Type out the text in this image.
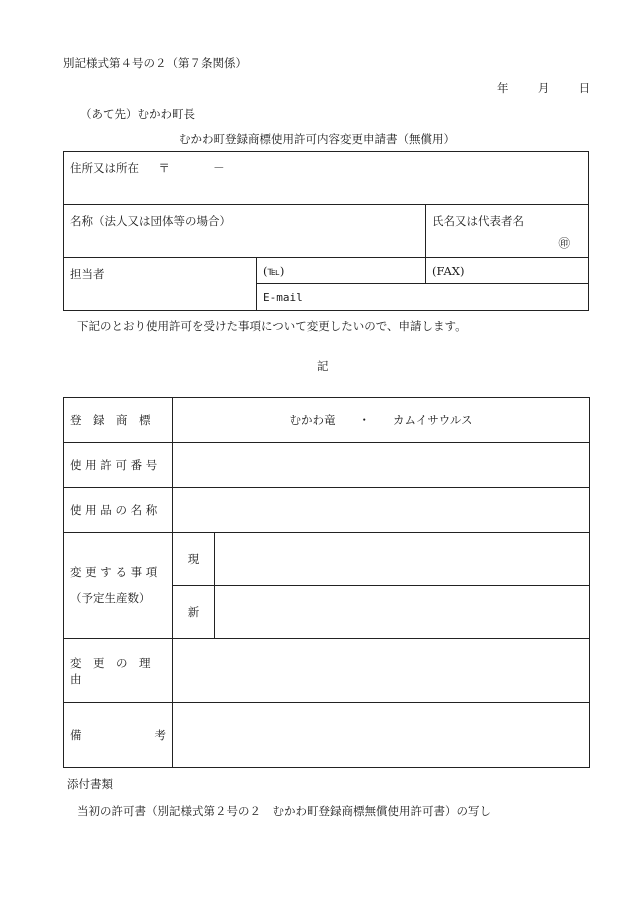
別記様式第４号の２（第７条関係）
年	月	日
（あて先）むかわ町長
むかわ町登録商標使用許可内容変更申請書（無償用）
住所又は所在 〒 －		

名称（法人又は団体等の場合）		氏名又は代表者名
㊞

担当者	(℡)	(FAX)

	E-mail	
下記のとおり使用許可を受けた事項について変更したいので、申請します。
記
登　録　商　標	むかわ竜　　・　　カムイサウルス	

使 用 許 可 番 号		

使 用 品 の 名 称		

変 更 す る 事 項
（予定生産数）	現	
	新	

変　更　の　理　由		

備 考		

添付書類
当初の許可書（別記様式第２号の２　むかわ町登録商標無償使用許可書）の写し
